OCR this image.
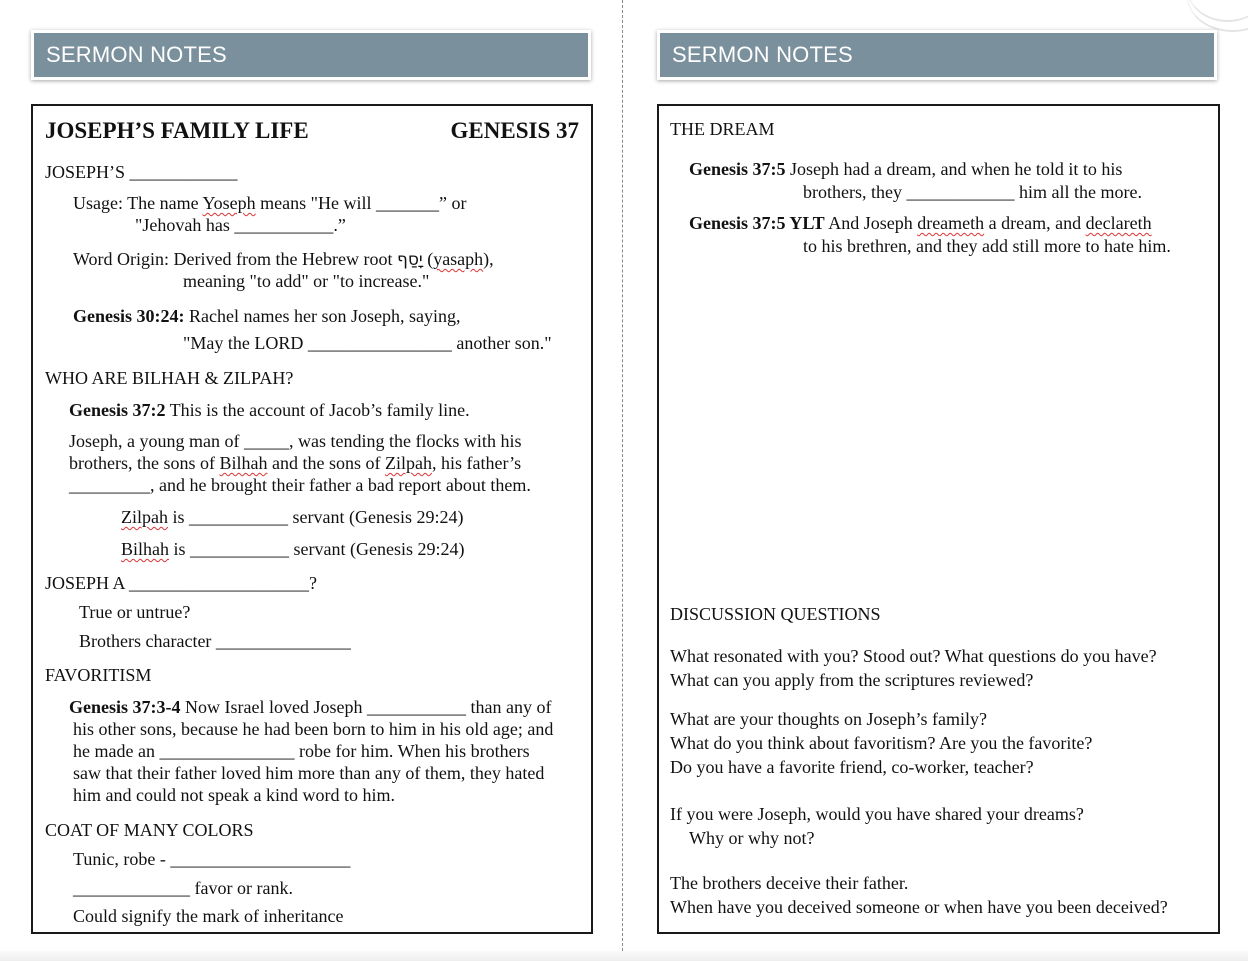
SERMON NOTES
JOSEPH’S FAMILY LIFE	GENESIS 37
JOSEPH’S ____________
Usage: The name Yoseph means "He will _______” or
"Jehovah has ___________.”
Word Origin: Derived from the Hebrew root יָסַף (yasaph),
meaning "to add" or "to increase."
Genesis 30:24: Rachel names her son Joseph, saying,
"May the LORD ________________ another son."
WHO ARE BILHAH & ZILPAH?
Genesis 37:2 This is the account of Jacob’s family line.
Joseph, a young man of _____, was tending the flocks with his
brothers, the sons of Bilhah and the sons of Zilpah, his father’s
_________, and he brought their father a bad report about them.
Zilpah is ___________ servant (Genesis 29:24)
Bilhah is ___________ servant (Genesis 29:24)
JOSEPH A ____________________?
True or untrue?
Brothers character _______________
FAVORITISM
Genesis 37:3-4 Now Israel loved Joseph ___________ than any of
his other sons, because he had been born to him in his old age; and
he made an _______________ robe for him. When his brothers
saw that their father loved him more than any of them, they hated
him and could not speak a kind word to him.
COAT OF MANY COLORS
Tunic, robe - ____________________
_____________ favor or rank.
Could signify the mark of inheritance
SERMON NOTES
THE DREAM
Genesis 37:5 Joseph had a dream, and when he told it to his
brothers, they ____________ him all the more.
Genesis 37:5 YLT And Joseph dreameth a dream, and declareth
to his brethren, and they add still more to hate him.
DISCUSSION QUESTIONS
What resonated with you? Stood out? What questions do you have?
What can you apply from the scriptures reviewed?
What are your thoughts on Joseph’s family?
What do you think about favoritism? Are you the favorite?
Do you have a favorite friend, co-worker, teacher?
If you were Joseph, would you have shared your dreams?
Why or why not?
The brothers deceive their father.
When have you deceived someone or when have you been deceived?
